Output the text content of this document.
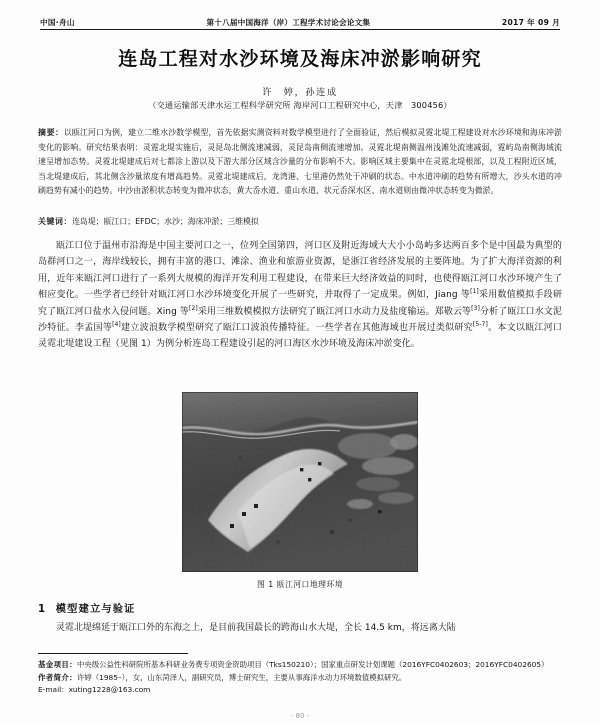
中国·舟山	第十八届中国海洋（岸）工程学术讨论会论文集	2017 年 09 月
连岛工程对水沙环境及海床冲淤影响研究
许　婷，孙连成
（交通运输部天津水运工程科学研究所 海岸河口工程研究中心，天津　300456）
摘要：以瓯江河口为例，建立二维水沙数学模型，首先依据实测资料对数学模型进行了全面验证，然后模拟灵霓北堤工程建设对水沙环境和海床冲淤变化的影响。研究结果表明：灵霓北堤实施后，灵昆岛北侧流速减弱，灵昆岛南侧流速增加。灵霓北堤南侧温州浅滩处流速减弱，霓屿岛南侧海域流速呈增加态势。灵霓北堤建成后对七都涂上游以及下游大部分区域含沙量的分布影响不大。影响区域主要集中在灵霓北堤根部，以及工程附近区域，当北堤建成后，其北侧含沙量浓度有增高趋势。灵霓北堤建成后，龙湾港、七里港仍然处于冲刷的状态。中水道冲刷的趋势有所增大，沙头水道的冲刷趋势有减小的趋势。中沙由淤积状态转变为微冲状态，黄大岙水道、重山水道、状元岙深水区、南水道则由微冲状态转变为微淤。
关键词：连岛堤；瓯江口；EFDC；水沙；海床冲淤；三维模拟
瓯江口位于温州市沿海是中国主要河口之一，位列全国第四，河口区及附近海域大大小小岛屿多达两百多个是中国最为典型的岛群河口之一，海岸线较长，拥有丰富的港口、滩涂、渔业和旅游业资源，是浙江省经济发展的主要阵地。为了扩大海洋资源的利用，近年来瓯江河口进行了一系列大规模的海洋开发利用工程建设，在带来巨大经济效益的同时，也使得瓯江河口水沙环境产生了相应变化。一些学者已经针对瓯江河口水沙环境变化开展了一些研究，并取得了一定成果。例如，Jiang 等[1]采用数值模拟手段研究了瓯江河口盐水入侵问题。Xing 等[2]采用三维数模模拟方法研究了瓯江河口水动力及盐度输运。郑敬云等[3]分析了瓯江口水文泥沙特征。李孟国等[4]建立波浪数学模型研究了瓯江口波浪传播特征。一些学者在其他海域也开展过类似研究[5-7]。本文以瓯江河口灵霓北堤建设工程（见图 1）为例分析连岛工程建设引起的河口海区水沙环境及海床冲淤变化。
图 1 瓯江河口地理环境
1 模型建立与验证
灵霓北堤绵延于瓯江口外的东海之上，是目前我国最长的跨海山水大堤，全长 14.5 km，将远离大陆
基金项目：中央级公益性科研院所基本科研业务费专项资金资助项目（Tks150210）；国家重点研发计划课题（2016YFC0402603；2016YFC0402605）
作者简介：许婷（1985–），女，山东菏泽人，副研究员，博士研究生，主要从事海洋水动力环境数值模拟研究。
E-mail：xuting1228@163.com
· 80 ·
